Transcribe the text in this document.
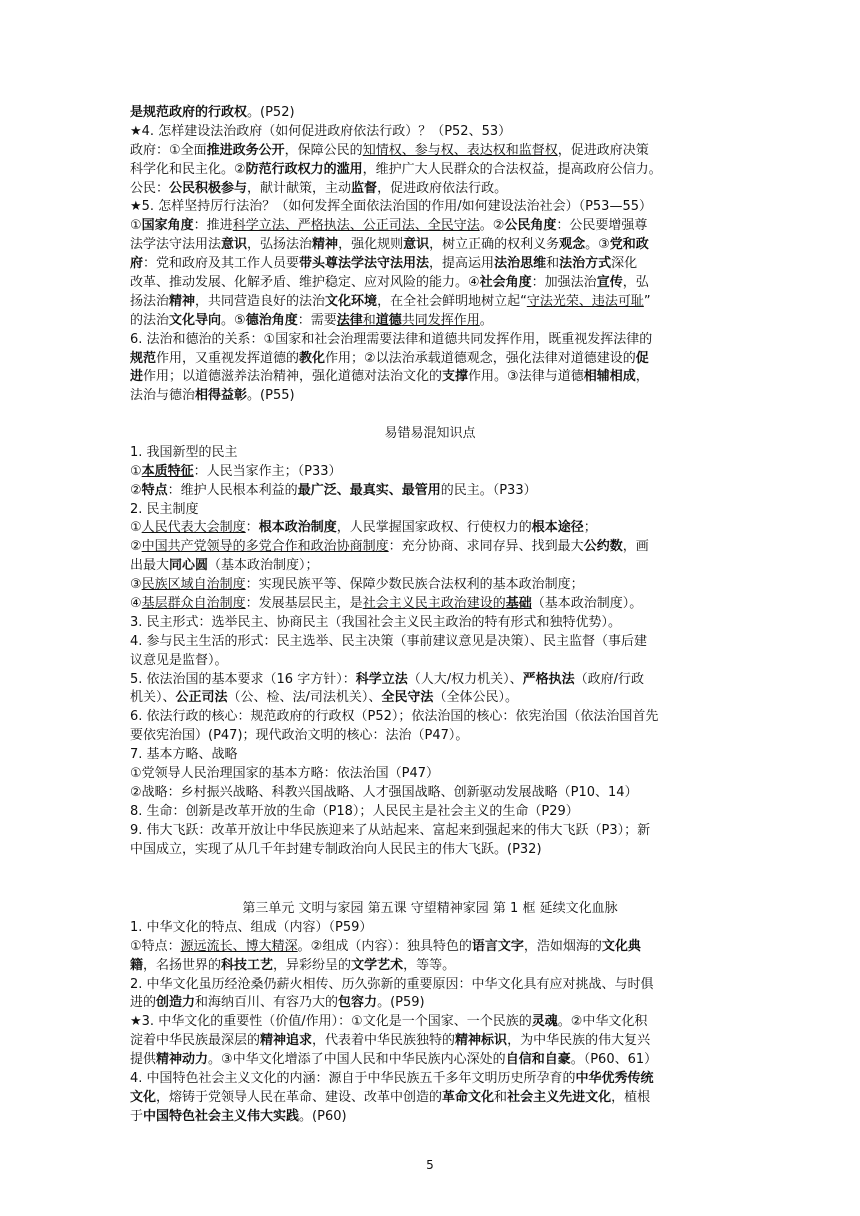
是规范政府的行政权。(P52)
★4. 怎样建设法治政府（如何促进政府依法行政）？（P52、53）
政府：①全面推进政务公开，保障公民的知情权、参与权、表达权和监督权，促进政府决策
科学化和民主化。②防范行政权力的滥用，维护广大人民群众的合法权益，提高政府公信力。
公民：公民积极参与，献计献策，主动监督，促进政府依法行政。
★5. 怎样坚持厉行法治？（如何发挥全面依法治国的作用/如何建设法治社会）（P53—55）
①国家角度：推进科学立法、严格执法、公正司法、全民守法。②公民角度：公民要增强尊
法学法守法用法意识，弘扬法治精神，强化规则意识，树立正确的权利义务观念。③党和政
府：党和政府及其工作人员要带头尊法学法守法用法，提高运用法治思维和法治方式深化
改革、推动发展、化解矛盾、维护稳定、应对风险的能力。④社会角度：加强法治宣传，弘
扬法治精神，共同营造良好的法治文化环境，在全社会鲜明地树立起“守法光荣、违法可耻”
的法治文化导向。⑤德治角度：需要法律和道德共同发挥作用。
6. 法治和德治的关系：①国家和社会治理需要法律和道德共同发挥作用，既重视发挥法律的
规范作用，又重视发挥道德的教化作用；②以法治承载道德观念，强化法律对道德建设的促
进作用；以道德滋养法治精神，强化道德对法治文化的支撑作用。③法律与道德相辅相成，
法治与德治相得益彰。(P55)
易错易混知识点
1. 我国新型的民主
①本质特征：人民当家作主；（P33）
②特点：维护人民根本利益的最广泛、最真实、最管用的民主。（P33）
2. 民主制度
①人民代表大会制度：根本政治制度，人民掌握国家政权、行使权力的根本途径；
②中国共产党领导的多党合作和政治协商制度：充分协商、求同存异、找到最大公约数，画
出最大同心圆（基本政治制度）；
③民族区域自治制度：实现民族平等、保障少数民族合法权利的基本政治制度；
④基层群众自治制度：发展基层民主，是社会主义民主政治建设的基础（基本政治制度）。
3. 民主形式：选举民主、协商民主（我国社会主义民主政治的特有形式和独特优势）。
4. 参与民主生活的形式：民主选举、民主决策（事前建议意见是决策）、民主监督（事后建
议意见是监督）。
5. 依法治国的基本要求（16 字方针）：科学立法（人大/权力机关）、严格执法（政府/行政
机关）、公正司法（公、检、法/司法机关）、全民守法（全体公民）。
6. 依法行政的核心：规范政府的行政权（P52）；依法治国的核心：依宪治国（依法治国首先
要依宪治国）(P47)；现代政治文明的核心：法治（P47）。
7. 基本方略、战略
①党领导人民治理国家的基本方略：依法治国（P47）
②战略：乡村振兴战略、科教兴国战略、人才强国战略、创新驱动发展战略（P10、14）
8. 生命：创新是改革开放的生命（P18）；人民民主是社会主义的生命（P29）
9. 伟大飞跃：改革开放让中华民族迎来了从站起来、富起来到强起来的伟大飞跃（P3）；新
中国成立，实现了从几千年封建专制政治向人民民主的伟大飞跃。(P32)
第三单元 文明与家园 第五课 守望精神家园 第 1 框 延续文化血脉
1. 中华文化的特点、组成（内容）（P59）
①特点：源远流长、博大精深。②组成（内容）：独具特色的语言文字，浩如烟海的文化典
籍，名扬世界的科技工艺，异彩纷呈的文学艺术，等等。
2. 中华文化虽历经沧桑仍薪火相传、历久弥新的重要原因：中华文化具有应对挑战、与时俱
进的创造力和海纳百川、有容乃大的包容力。(P59)
★3. 中华文化的重要性（价值/作用）：①文化是一个国家、一个民族的灵魂。②中华文化积
淀着中华民族最深层的精神追求，代表着中华民族独特的精神标识，为中华民族的伟大复兴
提供精神动力。③中华文化增添了中国人民和中华民族内心深处的自信和自豪。（P60、61）
4. 中国特色社会主义文化的内涵：源自于中华民族五千多年文明历史所孕育的中华优秀传统
文化，熔铸于党领导人民在革命、建设、改革中创造的革命文化和社会主义先进文化，植根
于中国特色社会主义伟大实践。(P60)
5
